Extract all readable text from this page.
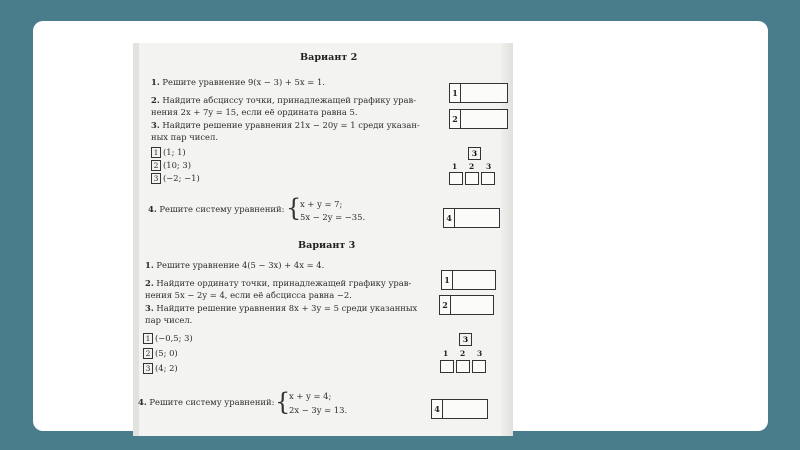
Вариант 2
1. Решите уравнение 9(x − 3) + 5x = 1.
1
2. Найдите абсциссу точки, принадлежащей графику урав-
нения 2x + 7y = 15, если её ордината равна 5.
2
3. Найдите решение уравнения 21x − 20y = 1 среди указан-
ных пар чисел.
1 (1; 1)
2 (10; 3)
3 (−2; −1)
3
1 2 3
4. Решите систему уравнений: {
x + y = 7;
5x − 2y = −35.	4
Вариант 3
1. Решите уравнение 4(5 − 3x) + 4x = 4.
1
2. Найдите ординату точки, принадлежащей графику урав-
нения 5x − 2y = 4, если её абсцисса равна −2.
2
3. Найдите решение уравнения 8x + 3y = 5 среди указанных
пар чисел.
1 (−0,5; 3)
2 (5; 0)
3 (4; 2)
3
1 2 3
4. Решите систему уравнений: {
x + y = 4;
2x − 3y = 13.	4
